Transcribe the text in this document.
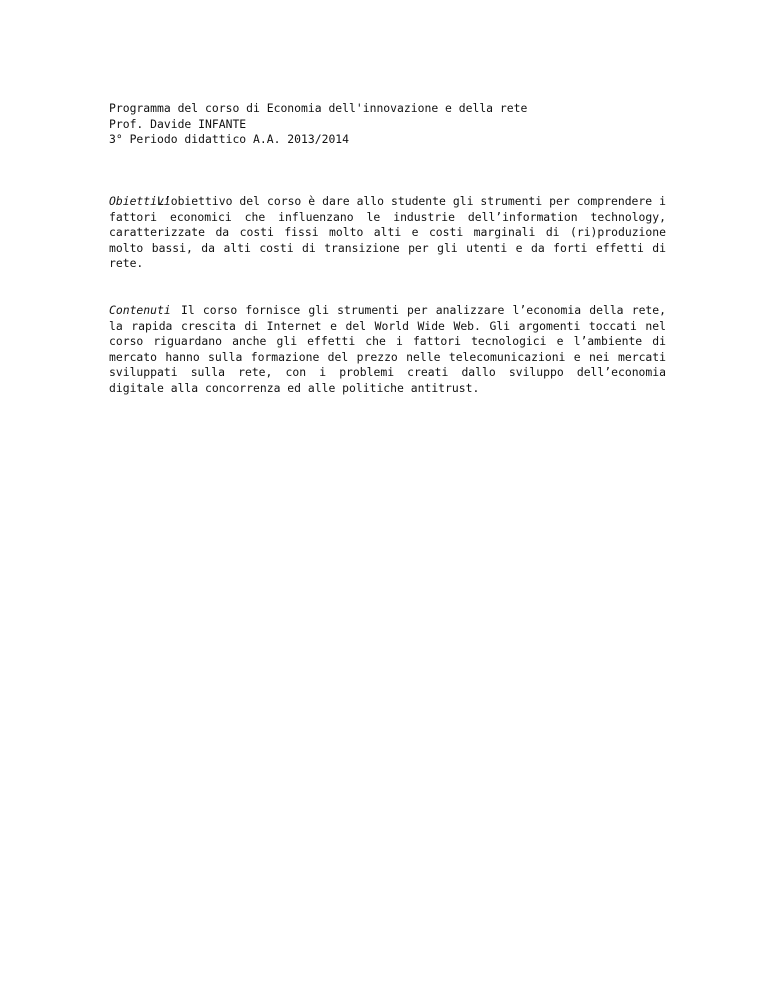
Programma del corso di Economia dell'innovazione e della rete
Prof. Davide INFANTE
3° Periodo didattico A.A. 2013/2014
Obiettivi
L’obiettivo del corso è dare allo studente gli strumenti per comprendere i fattori economici che influenzano le industrie dell’information technology, caratterizzate da costi fissi molto alti e costi marginali di (ri)produzione molto bassi, da alti costi di transizione per gli utenti e da forti effetti di rete.
Contenuti Il corso fornisce gli strumenti per analizzare l’economia della rete, la rapida crescita di Internet e del World Wide Web. Gli argomenti toccati nel corso riguardano anche gli effetti che i fattori tecnologici e l’ambiente di mercato hanno sulla formazione del prezzo nelle telecomunicazioni e nei mercati sviluppati sulla rete, con i problemi creati dallo sviluppo dell’economia digitale alla concorrenza ed alle politiche antitrust.
